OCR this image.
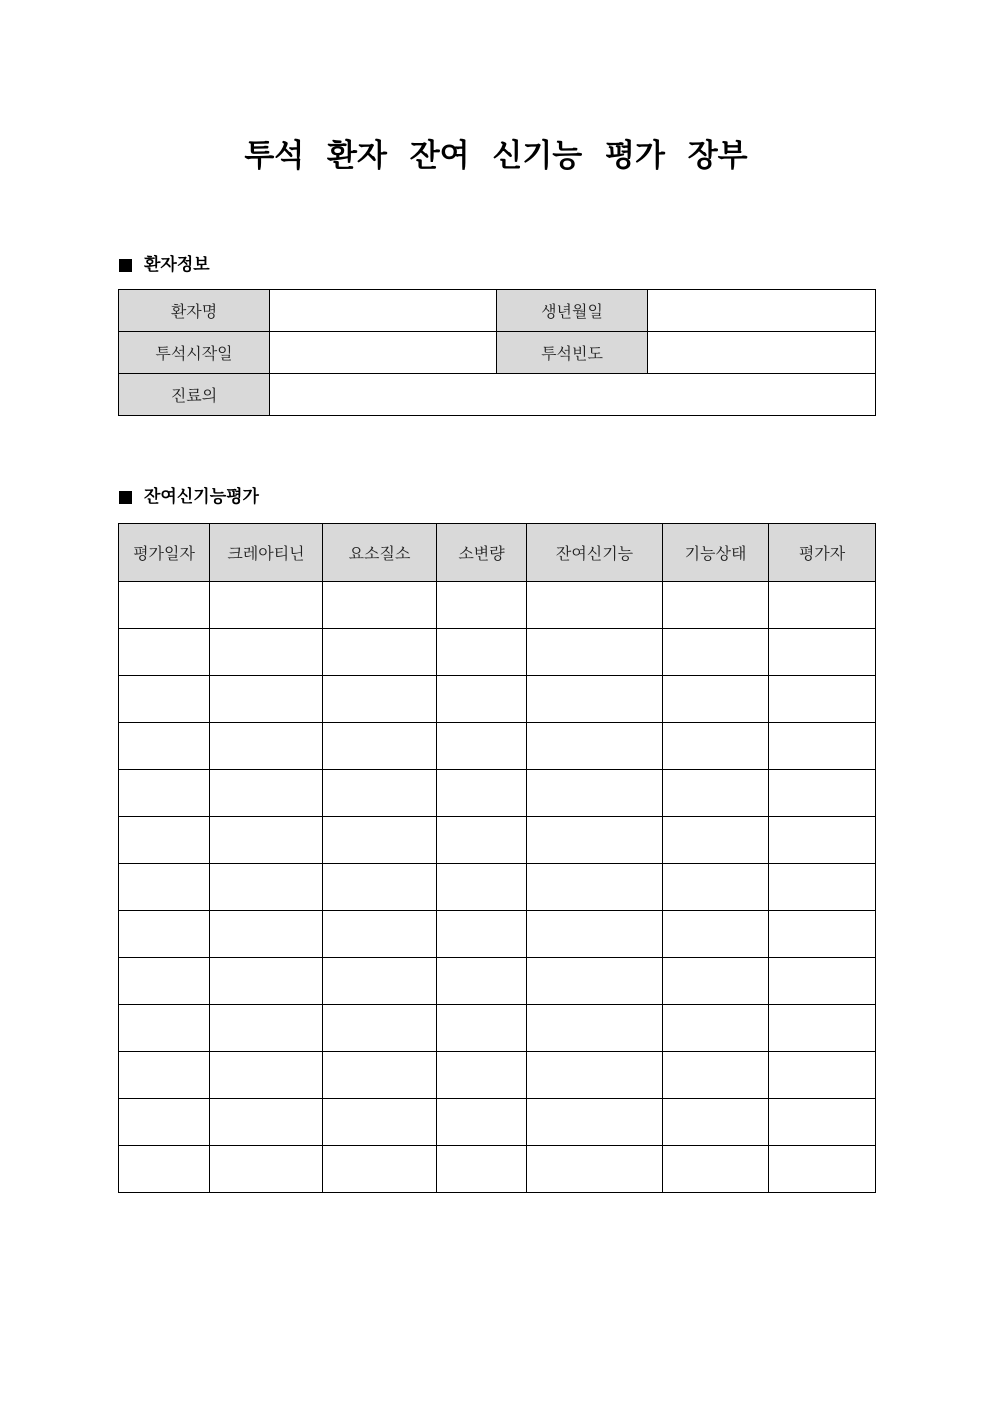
투석 환자 잔여 신기능 평가 장부
환자정보
환자명		생년월일	
투석시작일		투석빈도	
진료의			
잔여신기능평가
평가일자	크레아티닌	요소질소	소변량	잔여신기능	기능상태	평가자
